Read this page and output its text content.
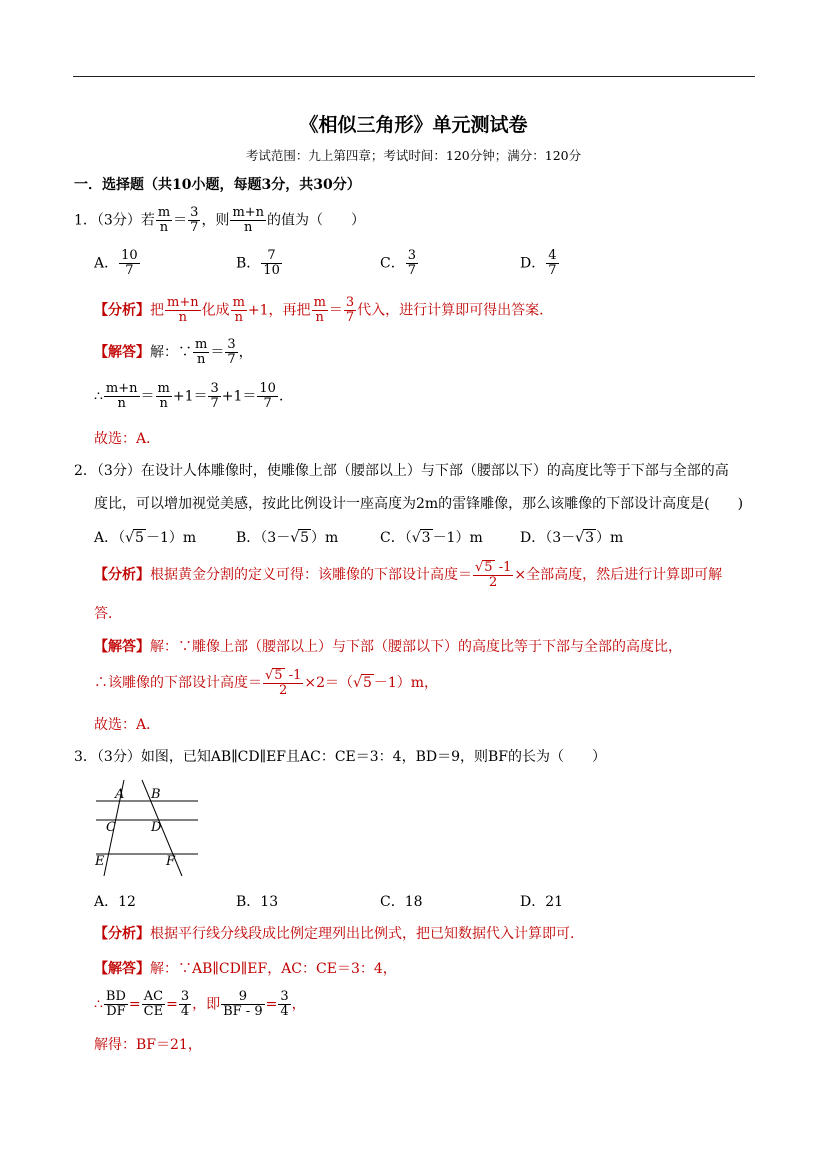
《相似三角形》单元测试卷
考试范围：九上第四章；考试时间：120分钟；满分：120分
一．选择题（共10小题，每题3分，共30分）
1．（3分）若 $\frac{m}{n} = \frac{3}{7}$ ，则 $\frac{m+n}{n}$ 的值为（　　）
A． $\frac{10}{7}$	B． $\frac{7}{10}$	C． $\frac{3}{7}$	D． $\frac{4}{7}$
【分析】把 $\frac{m+n}{n}$ 化成 $\frac{m}{n} +1$，再把 $\frac{m}{n} = \frac{3}{7}$ 代入，进行计算即可得出答案．
【解答】解：∵ $\frac{m}{n} = \frac{3}{7}$ ，
∴ $\frac{m+n}{n} = \frac{m}{n} +1= \frac{3}{7} +1= \frac{10}{7}$ ．
故选：A．
2．（3分）在设计人体雕像时，使雕像上部（腰部以上）与下部（腰部以下）的高度比等于下部与全部的高
度比，可以增加视觉美感，按此比例设计一座高度为2m的雷锋雕像，那么该雕像的下部设计高度是(　　)
A．（√5 －1）m	B．（3－√5 ）m	C．（√3 －1）m	D．（3－√3 ）m
【分析】根据黄金分割的定义可得：该雕像的下部设计高度＝ $\frac{√5 -1}{2}$ ×全部高度，然后进行计算即可解
答．
【解答】解：∵雕像上部（腰部以上）与下部（腰部以下）的高度比等于下部与全部的高度比，
∴该雕像的下部设计高度＝ $\frac{√5 -1}{2} \times 2=(√5 -1)m$，
故选：A．
3．（3分）如图，已知AB∥CD∥EF且AC：CE＝3：4，BD＝9，则BF的长为（　　）
A B
C	D
E	F
A．12	B．13	C．18	D．21
【分析】根据平行线分线段成比例定理列出比例式，把已知数据代入计算即可．
【解答】解：∵AB∥CD∥EF，AC：CE＝3：4，
∴ $\frac{BD}{DF} = \frac{AC}{CE} = \frac{3}{4}$ ，即 $\frac{9}{BF - 9} = \frac{3}{4}$ ，
解得：BF＝21，
